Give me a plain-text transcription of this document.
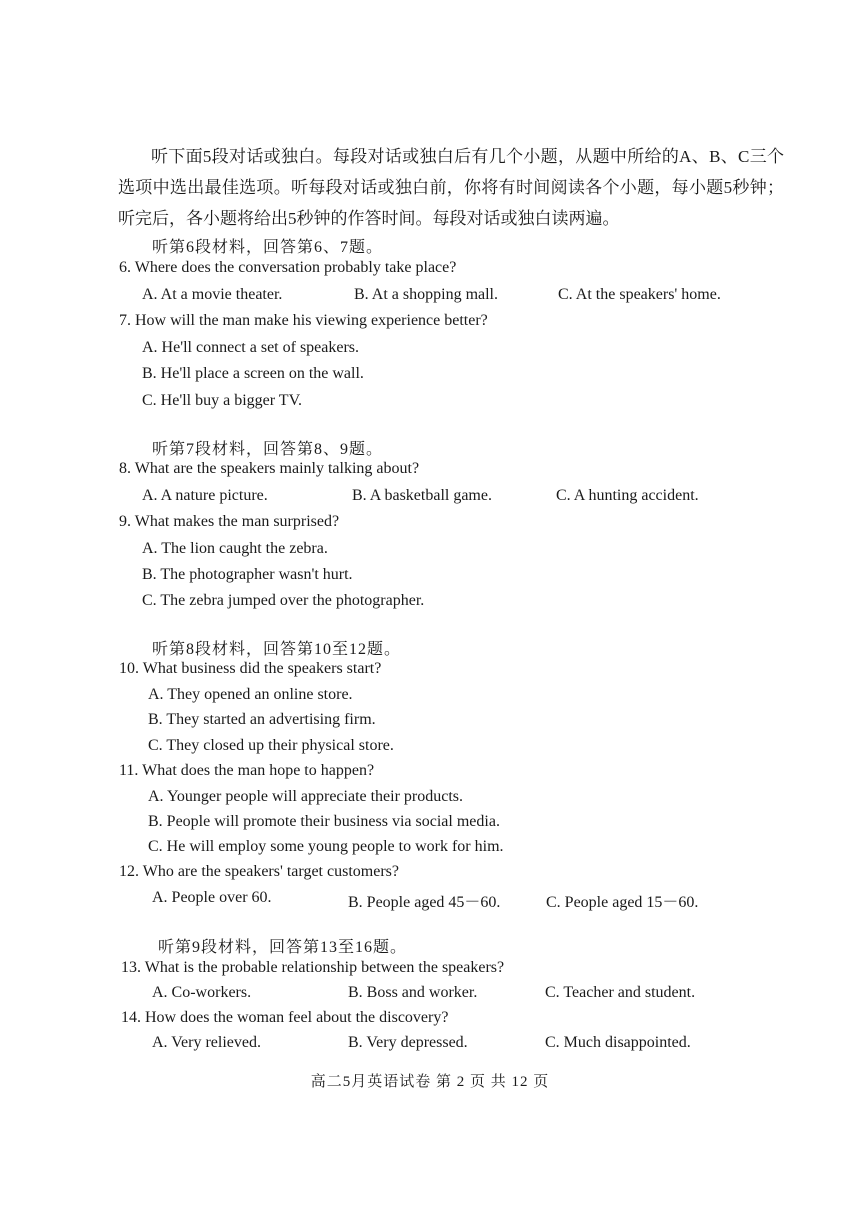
听下面5段对话或独白。每段对话或独白后有几个小题，从题中所给的A、B、C三个选项中选出最佳选项。听每段对话或独白前，你将有时间阅读各个小题，每小题5秒钟；听完后，各小题将给出5秒钟的作答时间。每段对话或独白读两遍。
听第6段材料，回答第6、7题。
6. Where does the conversation probably take place?
A. At a movie theater.	B. At a shopping mall.	C. At the speakers' home.
7. How will the man make his viewing experience better?
A. He'll connect a set of speakers.
B. He'll place a screen on the wall.
C. He'll buy a bigger TV.
听第7段材料，回答第8、9题。
8. What are the speakers mainly talking about?
A. A nature picture.	B. A basketball game.	C. A hunting accident.
9. What makes the man surprised?
A. The lion caught the zebra.
B. The photographer wasn't hurt.
C. The zebra jumped over the photographer.
听第8段材料，回答第10至12题。
10. What business did the speakers start?
A. They opened an online store.
B. They started an advertising firm.
C. They closed up their physical store.
11. What does the man hope to happen?
A. Younger people will appreciate their products.
B. People will promote their business via social media.
C. He will employ some young people to work for him.
12. Who are the speakers' target customers?
A. People over 60.	B. People aged 45－60.	C. People aged 15－60.
听第9段材料，回答第13至16题。
13. What is the probable relationship between the speakers?
A. Co-workers.	B. Boss and worker.	C. Teacher and student.
14. How does the woman feel about the discovery?
A. Very relieved.	B. Very depressed.	C. Much disappointed.
高二5月英语试卷 第 2 页 共 12 页
